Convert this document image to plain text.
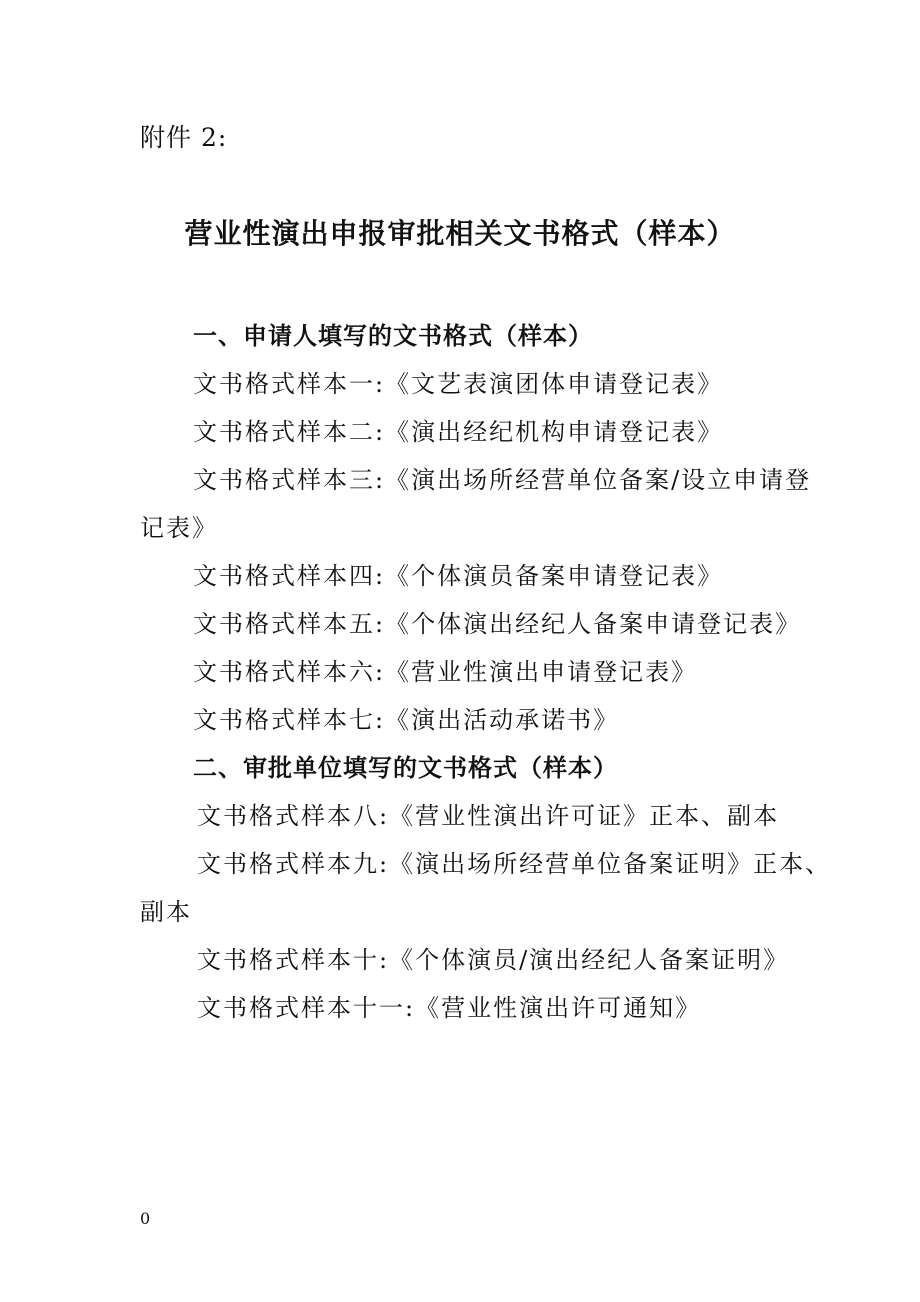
附件 2:
营业性演出申报审批相关文书格式（样本）
一、申请人填写的文书格式（样本）
文书格式样本一:《文艺表演团体申请登记表》
文书格式样本二:《演出经纪机构申请登记表》
文书格式样本三:《演出场所经营单位备案/设立申请登
记表》
文书格式样本四:《个体演员备案申请登记表》
文书格式样本五:《个体演出经纪人备案申请登记表》
文书格式样本六:《营业性演出申请登记表》
文书格式样本七:《演出活动承诺书》
二、审批单位填写的文书格式（样本）
文书格式样本八:《营业性演出许可证》正本、副本
文书格式样本九:《演出场所经营单位备案证明》正本、
副本
文书格式样本十:《个体演员/演出经纪人备案证明》
文书格式样本十一:《营业性演出许可通知》
0
